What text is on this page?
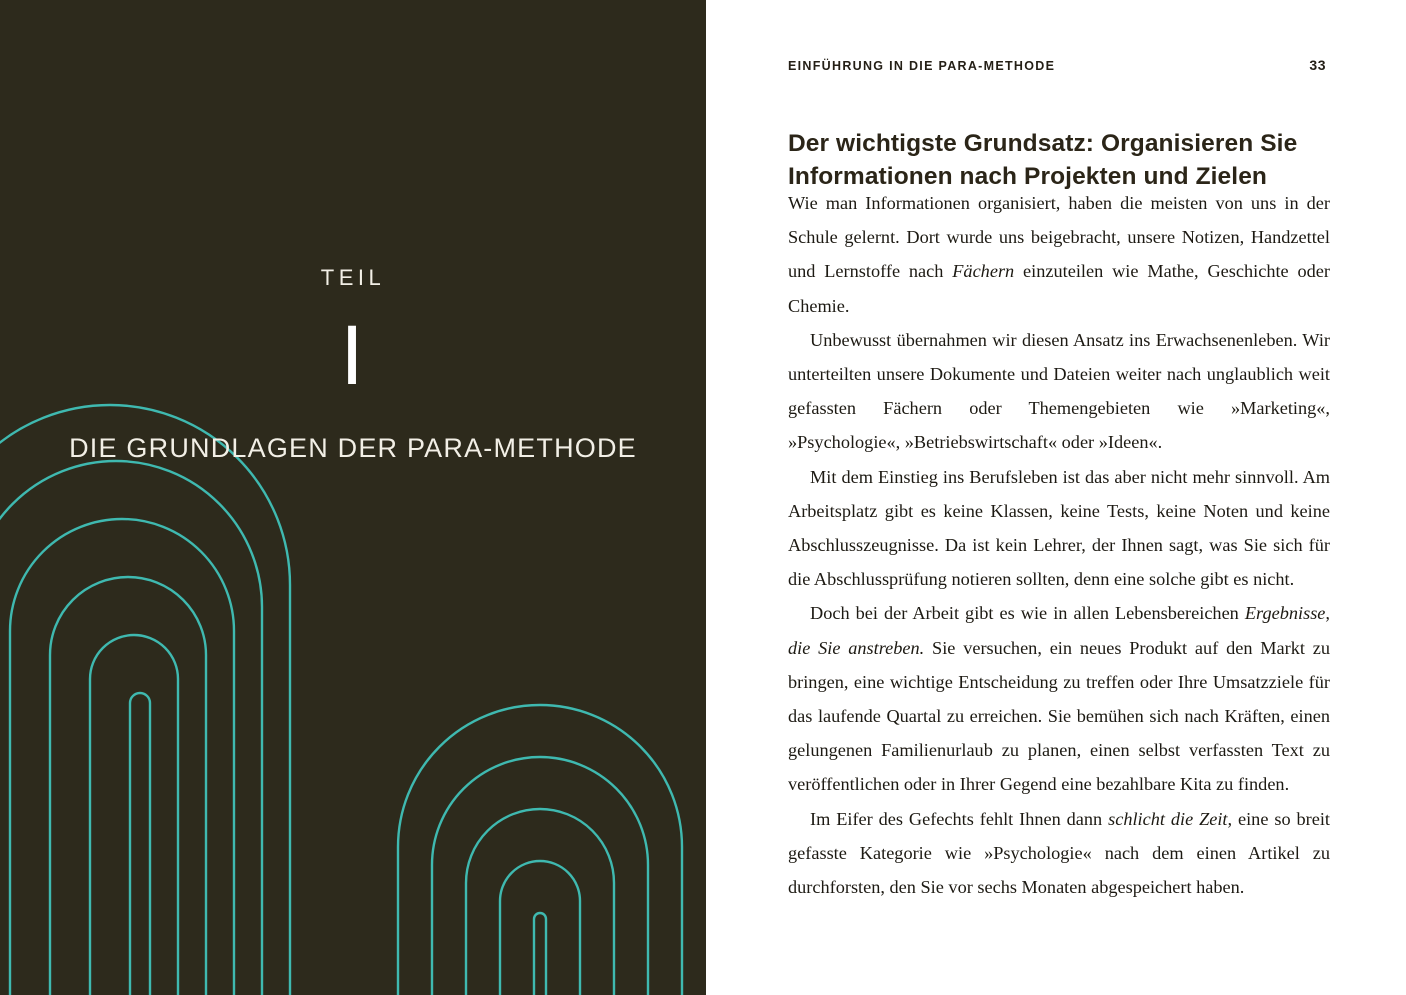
TEIL
I
DIE GRUNDLAGEN DER PARA-METHODE
EINFÜHRUNG IN DIE PARA-METHODE	33
Der wichtigste Grundsatz: Organisieren Sie Informationen nach Projekten und Zielen

Wie man Informationen organisiert, haben die meisten von uns in der Schule gelernt. Dort wurde uns beigebracht, unsere Notizen, Handzettel und Lernstoffe nach Fächern einzuteilen wie Mathe, Geschichte oder Chemie.

Unbewusst übernahmen wir diesen Ansatz ins Erwachsenenleben. Wir unterteilten unsere Dokumente und Dateien weiter nach unglaublich weit gefassten Fächern oder Themengebieten wie »Marketing«, »Psychologie«, »Betriebswirtschaft« oder »Ideen«.

Mit dem Einstieg ins Berufsleben ist das aber nicht mehr sinnvoll. Am Arbeitsplatz gibt es keine Klassen, keine Tests, keine Noten und keine Abschlusszeugnisse. Da ist kein Lehrer, der Ihnen sagt, was Sie sich für die Abschlussprüfung notieren sollten, denn eine solche gibt es nicht.

Doch bei der Arbeit gibt es wie in allen Lebensbereichen Ergebnisse, die Sie anstreben. Sie versuchen, ein neues Produkt auf den Markt zu bringen, eine wichtige Entscheidung zu treffen oder Ihre Umsatzziele für das laufende Quartal zu erreichen. Sie bemühen sich nach Kräften, einen gelungenen Familienurlaub zu planen, einen selbst verfassten Text zu veröffentlichen oder in Ihrer Gegend eine bezahlbare Kita zu finden.

Im Eifer des Gefechts fehlt Ihnen dann schlicht die Zeit, eine so breit gefasste Kategorie wie »Psychologie« nach dem einen Artikel zu durchforsten, den Sie vor sechs Monaten abgespeichert haben.
